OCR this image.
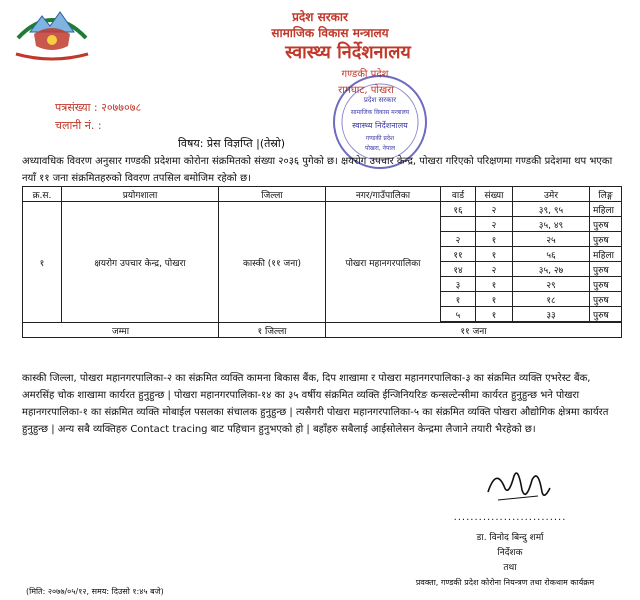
प्रदेश सरकार
सामाजिक विकास मन्त्रालय
स्वास्थ्य निर्देशनालय
गण्डकी प्रदेश
रामघाट, पोखरा
पत्रसंख्या : २०७७०७८
चलानी नं. :
प्रदेश सरकार
सामाजिक विकास मन्त्रालय
स्वास्थ्य निर्देशनालय
गण्डकी प्रदेश
पोखरा, नेपाल
विषय: प्रेस विज्ञप्ति |(तेस्रो)
अध्यावधिक विवरण अनुसार गण्डकी प्रदेशमा कोरोना संक्रमितको संख्या २०३६ पुगेको छ। क्षयरोग उपचार केन्द्र, पोखरा गरिएको परिक्षणमा गण्डकी प्रदेशमा थप भएका नयाँ ११ जना संक्रमितहरुको विवरण तपसिल बमोजिम रहेको छ।
क्र.स.	प्रयोगशाला	जिल्ला	नगर/गाउँपालिका	वार्ड	संख्या	उमेर	लिङ्ग
१	क्षयरोग उपचार केन्द्र, पोखरा	कास्की (११ जना)	पोखरा महानगरपालिका	१६	२	३९, ९५	महिला
					२	३५, ४९	पुरुष
				२	१	२५	पुरुष
				११	१	५६	महिला
				१४	२	३५, २७	पुरुष
				३	१	२९	पुरुष
				१	१	१८	पुरुष
				५	१	३३	पुरुष

जम्मा		१ जिल्ला	११ जना				
कास्की जिल्ला, पोखरा महानगरपालिका-२ का संक्रमित व्यक्ति कामना बिकास बैंक, दिप शाखामा र पोखरा महानगरपालिका-३ का संक्रमित व्यक्ति एभरेस्ट बैंक, अमरसिंह चोक शाखामा कार्यरत हुनुहुन्छ | पोखरा महानगरपालिका-१४ का ३५ वर्षीय संक्रमित व्यक्ति ईन्जिनियरिङ कन्सल्टेन्सीमा कार्यरत हुनुहुन्छ भने पोखरा महानगरपालिका-१ का संक्रमित व्यक्ति मोबाईल पसलका संचालक हुनुहुन्छ | त्यसैगरी पोखरा महानगरपालिका-५ का संक्रमित व्यक्ति पोखरा औद्योगिक क्षेत्रमा कार्यरत हुनुहुन्छ | अन्य सबै व्यक्तिहरु Contact tracing बाट पहिचान हुनुभएको हो | बहाँहरु सबैलाई आईसोलेसन केन्द्रमा लैजाने तयारी भैरहेको छ।
...........................
डा. विनोद बिन्दु शर्मा
निर्देशक
तथा
प्रवक्ता, गण्डकी प्रदेश कोरोना नियन्त्रण तथा रोकथाम कार्यक्रम
(मिति: २०७७/०५/१२, समय: दिउसो १:४५ बजे)
